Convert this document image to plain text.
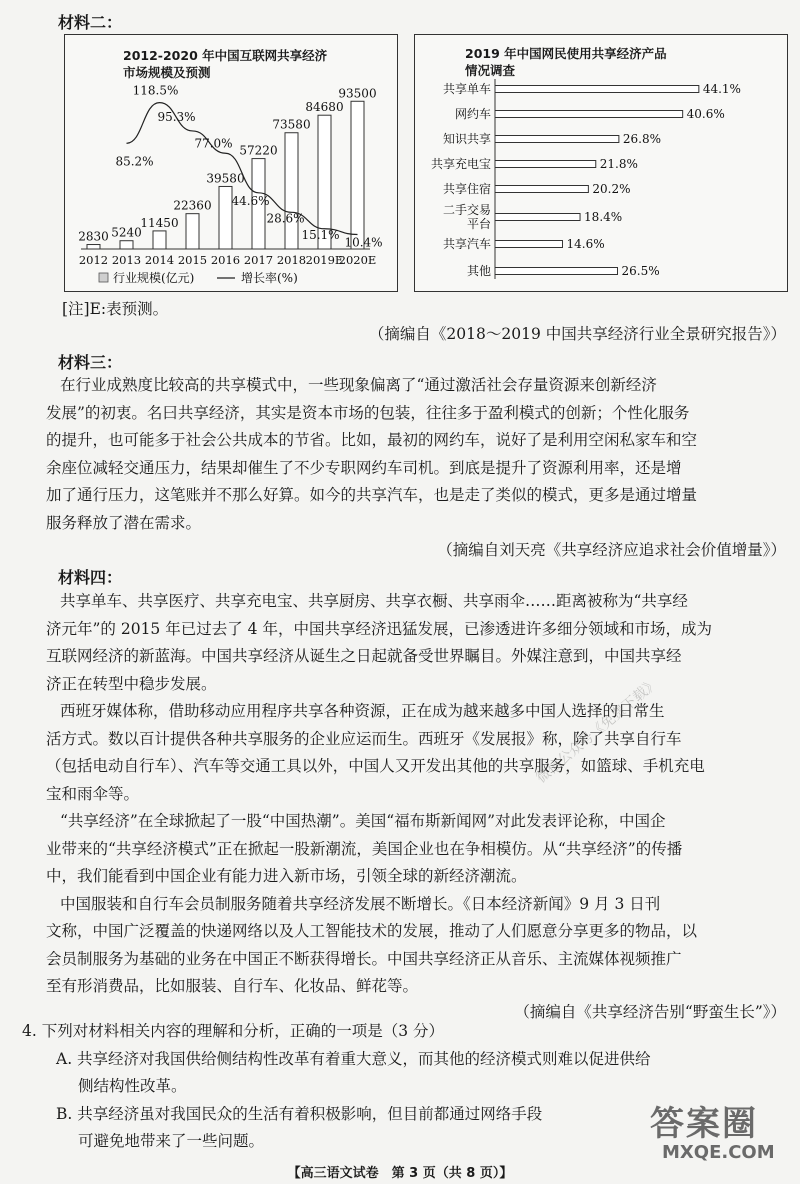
材料二：
2012-2020 年中国互联网共享经济
市场规模及预测
2830
2012
5240
2013
11450
2014
22360
2015
39580
2016
57220
2017
73580
2018
84680
2019E
93500
2020E
85.2%
118.5%
95.3%
77.0%
44.6%
28.6%
15.1%
10.4%
行业规模(亿元)	增长率(%)
2019 年中国网民使用共享经济产品
情况调查
44.1%
共享单车
40.6%
网约车
26.8%
知识共享
21.8%
共享充电宝
20.2%
共享住宿
18.4%
二手交易
平台
14.6%
共享汽车
26.5%
其他
[注]E:表预测。
（摘编自《2018～2019 中国共享经济行业全景研究报告》）
材料三：
在行业成熟度比较高的共享模式中，一些现象偏离了“通过激活社会存量资源来创新经济
发展”的初衷。名曰共享经济，其实是资本市场的包装，往往多于盈利模式的创新；个性化服务
的提升，也可能多于社会公共成本的节省。比如，最初的网约车，说好了是利用空闲私家车和空
余座位减轻交通压力，结果却催生了不少专职网约车司机。到底是提升了资源利用率，还是增
加了通行压力，这笔账并不那么好算。如今的共享汽车，也是走了类似的模式，更多是通过增量
服务释放了潜在需求。
（摘编自刘天亮《共享经济应追求社会价值增量》）
材料四：
共享单车、共享医疗、共享充电宝、共享厨房、共享衣橱、共享雨伞……距离被称为“共享经
济元年”的 2015 年已过去了 4 年，中国共享经济迅猛发展，已渗透进许多细分领域和市场，成为
互联网经济的新蓝海。中国共享经济从诞生之日起就备受世界瞩目。外媒注意到，中国共享经
济正在转型中稳步发展。
西班牙媒体称，借助移动应用程序共享各种资源，正在成为越来越多中国人选择的日常生
活方式。数以百计提供各种共享服务的企业应运而生。西班牙《发展报》称，除了共享自行车
（包括电动自行车）、汽车等交通工具以外，中国人又开发出其他的共享服务，如篮球、手机充电
宝和雨伞等。
“共享经济”在全球掀起了一股“中国热潮”。美国“福布斯新闻网”对此发表评论称，中国企
业带来的“共享经济模式”正在掀起一股新潮流，美国企业也在争相模仿。从“共享经济”的传播
中，我们能看到中国企业有能力进入新市场，引领全球的新经济潮流。
中国服装和自行车会员制服务随着共享经济发展不断增长。《日本经济新闻》9 月 3 日刊
文称，中国广泛覆盖的快递网络以及人工智能技术的发展，推动了人们愿意分享更多的物品，以
会员制服务为基础的业务在中国正不断获得增长。中国共享经济正从音乐、主流媒体视频推广
至有形消费品，比如服装、自行车、化妆品、鲜花等。
（摘编自《共享经济告别“野蛮生长”》）
4. 下列对材料相关内容的理解和分析，正确的一项是（3 分）
A. 共享经济对我国供给侧结构性改革有着重大意义，而其他的经济模式则难以促进供给
侧结构性改革。
B. 共享经济虽对我国民众的生活有着积极影响，但目前都通过网络手段
可避免地带来了一些问题。
微信公众号《免费下载》
答案圈
MXQE.COM
【高三语文试卷　第 3 页（共 8 页）】
